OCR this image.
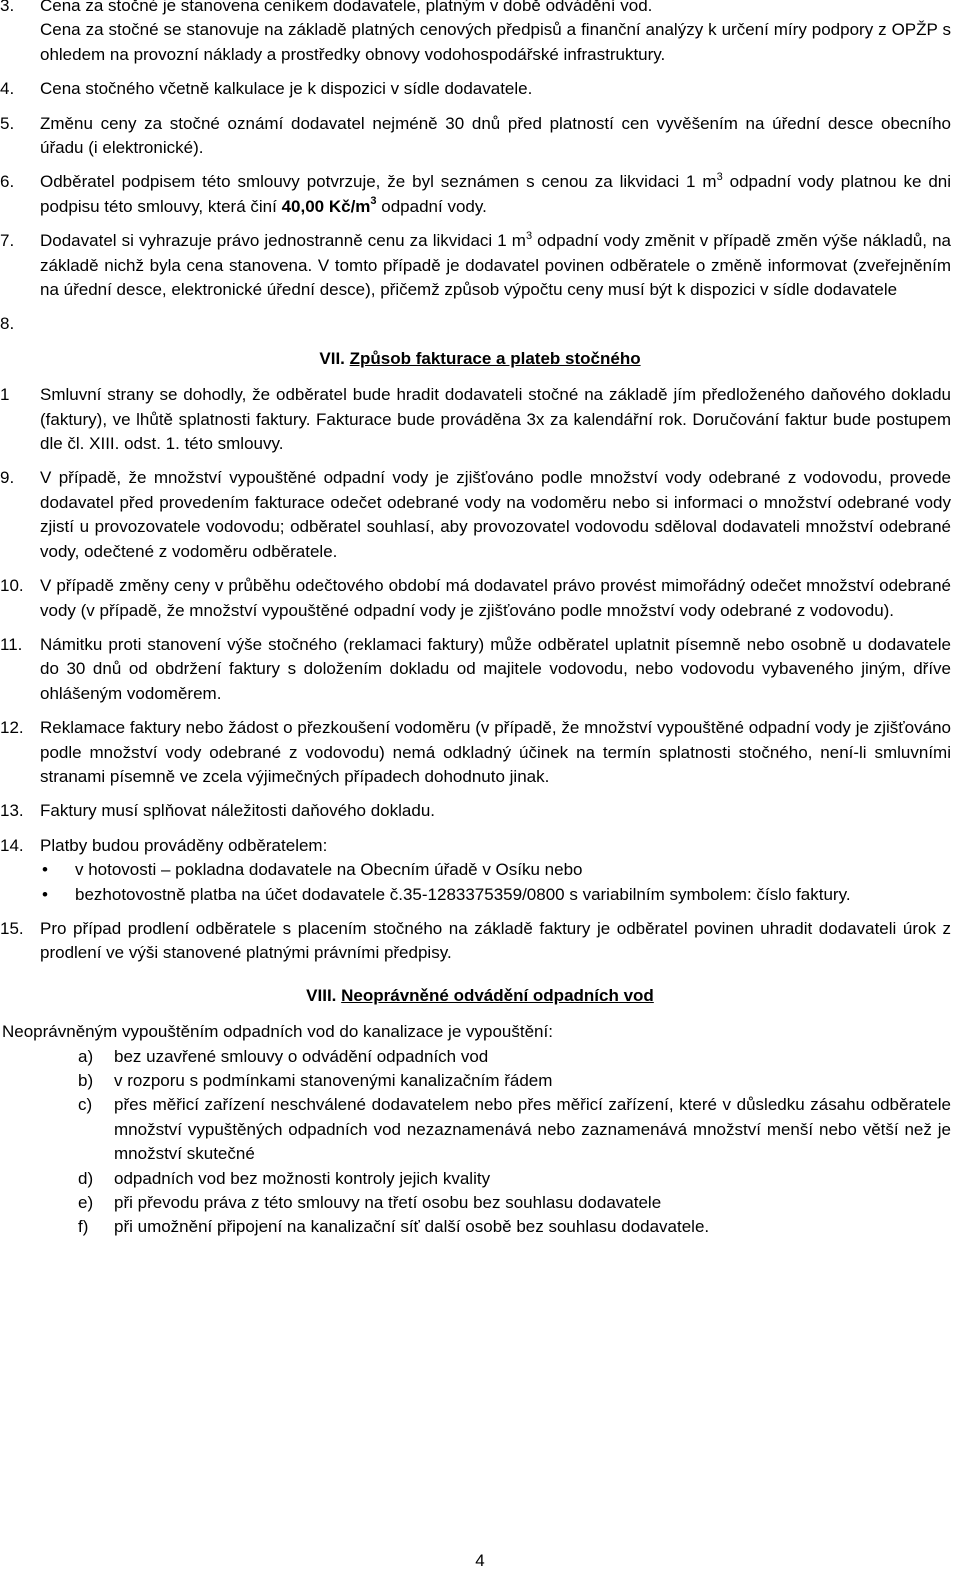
3. Cena za stočné je stanovena ceníkem dodavatele, platným v době odvádění vod.
Cena za stočné se stanovuje na základě platných cenových předpisů a finanční analýzy k určení míry podpory z OPŽP s ohledem na provozní náklady a prostředky obnovy vodohospodářské infrastruktury.
4. Cena stočného včetně kalkulace je k dispozici v sídle dodavatele.
5. Změnu ceny za stočné oznámí dodavatel nejméně 30 dnů před platností cen vyvěšením na úřední desce obecního úřadu (i elektronické).
6. Odběratel podpisem této smlouvy potvrzuje, že byl seznámen s cenou za likvidaci 1 $m^3$ odpadní vody platnou ke dni podpisu této smlouvy, která činí 40,00 $Kč/m^3$ odpadní vody.
7. Dodavatel si vyhrazuje právo jednostranně cenu za likvidaci 1 $m^3$ odpadní vody změnit v případě změn výše nákladů, na základě nichž byla cena stanovena. V tomto případě je dodavatel povinen odběratele o změně informovat (zveřejněním na úřední desce, elektronické úřední desce), přičemž způsob výpočtu ceny musí být k dispozici v sídle dodavatele
8.
VII. Způsob fakturace a plateb stočného
1 Smluvní strany se dohodly, že odběratel bude hradit dodavateli stočné na základě jím předloženého daňového dokladu (faktury), ve lhůtě splatnosti faktury. Fakturace bude prováděna 3x za kalendářní rok. Doručování faktur bude postupem dle čl. XIII. odst. 1. této smlouvy.
9. V případě, že množství vypouštěné odpadní vody je zjišťováno podle množství vody odebrané z vodovodu, provede dodavatel před provedením fakturace odečet odebrané vody na vodoměru nebo si informaci o množství odebrané vody zjistí u provozovatele vodovodu; odběratel souhlasí, aby provozovatel vodovodu sděloval dodavateli množství odebrané vody, odečtené z vodoměru odběratele.
10. V případě změny ceny v průběhu odečtového období má dodavatel právo provést mimořádný odečet množství odebrané vody (v případě, že množství vypouštěné odpadní vody je zjišťováno podle množství vody odebrané z vodovodu).
11. Námitku proti stanovení výše stočného (reklamaci faktury) může odběratel uplatnit písemně nebo osobně u dodavatele do 30 dnů od obdržení faktury s doložením dokladu od majitele vodovodu, nebo vodovodu vybaveného jiným, dříve ohlášeným vodoměrem.
12. Reklamace faktury nebo žádost o přezkoušení vodoměru (v případě, že množství vypouštěné odpadní vody je zjišťováno podle množství vody odebrané z vodovodu) nemá odkladný účinek na termín splatnosti stočného, není-li smluvními stranami písemně ve zcela výjimečných případech dohodnuto jinak.
13. Faktury musí splňovat náležitosti daňového dokladu.
14. Platby budou prováděny odběratelem:
• v hotovosti – pokladna dodavatele na Obecním úřadě v Osíku nebo
• bezhotovostně platba na účet dodavatele č.35-1283375359/0800 s variabilním symbolem: číslo faktury.
15. Pro případ prodlení odběratele s placením stočného na základě faktury je odběratel povinen uhradit dodavateli úrok z prodlení ve výši stanovené platnými právními předpisy.
VIII. Neoprávněné odvádění odpadních vod
Neoprávněným vypouštěním odpadních vod do kanalizace je vypouštění:
a) bez uzavřené smlouvy o odvádění odpadních vod
b) v rozporu s podmínkami stanovenými kanalizačním řádem
c) přes měřicí zařízení neschválené dodavatelem nebo přes měřicí zařízení, které v důsledku zásahu odběratele množství vypuštěných odpadních vod nezaznamenává nebo zaznamenává množství menší nebo větší než je množství skutečné
d) odpadních vod bez možnosti kontroly jejich kvality
e) při převodu práva z této smlouvy na třetí osobu bez souhlasu dodavatele
f) při umožnění připojení na kanalizační síť další osobě bez souhlasu dodavatele.
4
